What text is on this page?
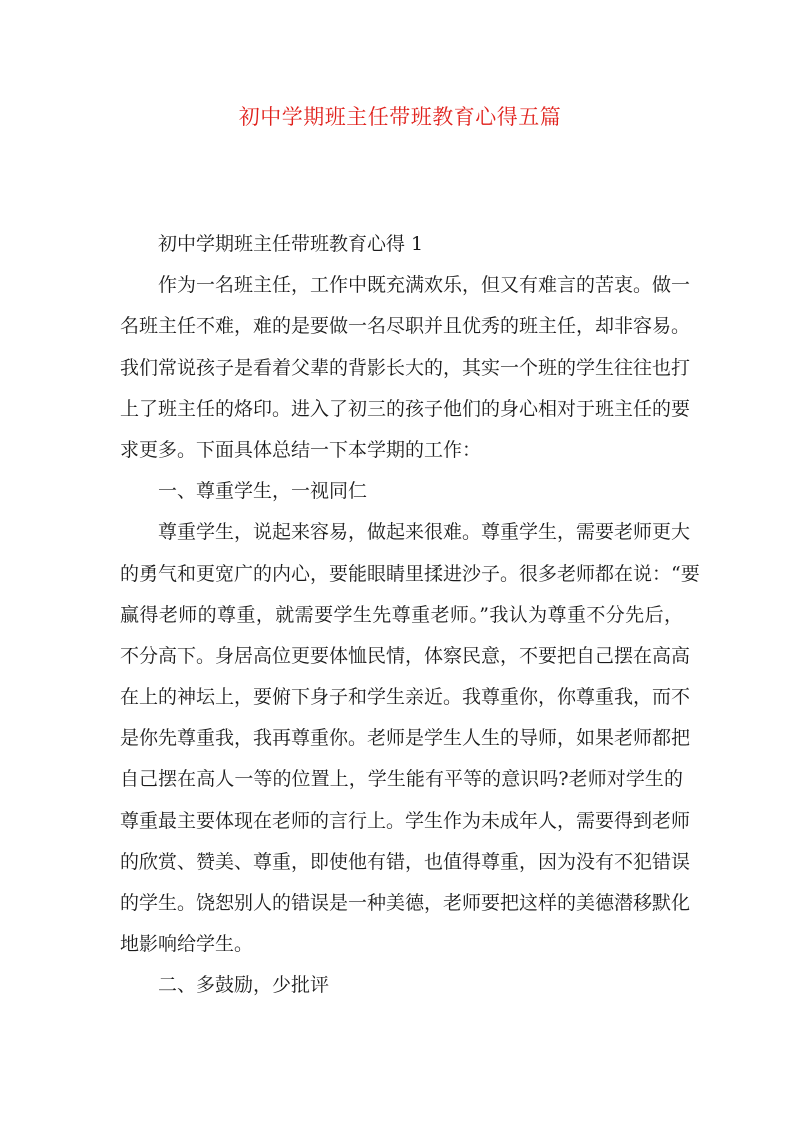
初中学期班主任带班教育心得五篇
初中学期班主任带班教育心得 1
作为一名班主任，工作中既充满欢乐，但又有难言的苦衷。做一
名班主任不难，难的是要做一名尽职并且优秀的班主任，却非容易。
我们常说孩子是看着父辈的背影长大的，其实一个班的学生往往也打
上了班主任的烙印。进入了初三的孩子他们的身心相对于班主任的要
求更多。下面具体总结一下本学期的工作：
一、尊重学生，一视同仁
尊重学生，说起来容易，做起来很难。尊重学生，需要老师更大
的勇气和更宽广的内心，要能眼睛里揉进沙子。很多老师都在说：“要
赢得老师的尊重，就需要学生先尊重老师。”我认为尊重不分先后，
不分高下。身居高位更要体恤民情，体察民意，不要把自己摆在高高
在上的神坛上，要俯下身子和学生亲近。我尊重你，你尊重我，而不
是你先尊重我，我再尊重你。老师是学生人生的导师，如果老师都把
自己摆在高人一等的位置上，学生能有平等的意识吗?老师对学生的
尊重最主要体现在老师的言行上。学生作为未成年人，需要得到老师
的欣赏、赞美、尊重，即使他有错，也值得尊重，因为没有不犯错误
的学生。饶恕别人的错误是一种美德，老师要把这样的美德潜移默化
地影响给学生。
二、多鼓励，少批评
